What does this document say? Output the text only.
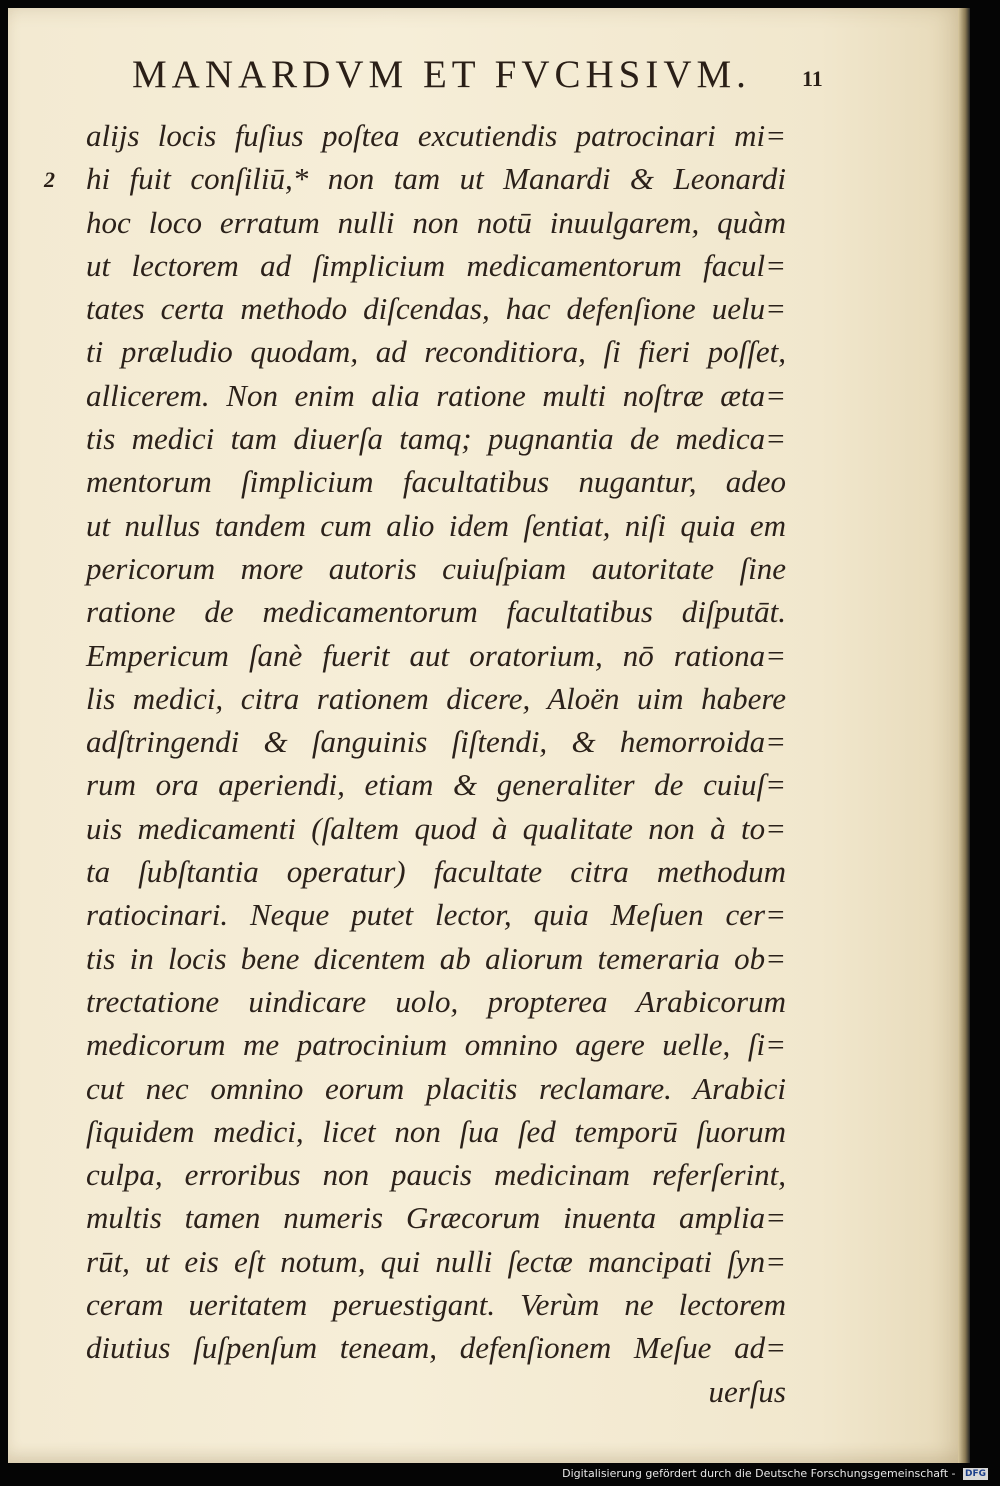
MANARDVM ET FVCHSIVM. 11
2
alijs locis fuſius poſtea excutiendis patrocinari mi=
hi fuit conſiliū,* non tam ut Manardi & Leonardi
hoc loco erratum nulli non notū inuulgarem, quàm
ut lectorem ad ſimplicium medicamentorum facul=
tates certa methodo diſcendas, hac defenſione uelu=
ti præludio quodam, ad reconditiora, ſi fieri poſſet,
allicerem. Non enim alia ratione multi noſtræ æta=
tis medici tam diuerſa tamq; pugnantia de medica=
mentorum ſimplicium facultatibus nugantur, adeo
ut nullus tandem cum alio idem ſentiat, niſi quia em
pericorum more autoris cuiuſpiam autoritate ſine
ratione de medicamentorum facultatibus diſputāt.
Empericum ſanè fuerit aut oratorium, nō rationa=
lis medici, citra rationem dicere, Aloën uim habere
adſtringendi & ſanguinis ſiſtendi, & hemorroida=
rum ora aperiendi, etiam & generaliter de cuiuſ=
uis medicamenti (ſaltem quod à qualitate non à to=
ta ſubſtantia operatur) facultate citra methodum
ratiocinari. Neque putet lector, quia Meſuen cer=
tis in locis bene dicentem ab aliorum temeraria ob=
trectatione uindicare uolo, propterea Arabicorum
medicorum me patrocinium omnino agere uelle, ſi=
cut nec omnino eorum placitis reclamare. Arabici
ſiquidem medici, licet non ſua ſed temporū ſuorum
culpa, erroribus non paucis medicinam referſerint,
multis tamen numeris Græcorum inuenta amplia=
rūt, ut eis eſt notum, qui nulli ſectæ mancipati ſyn=
ceram ueritatem peruestigant. Verùm ne lectorem
diutius ſuſpenſum teneam, defenſionem Meſue ad=
uerſus
Digitalisierung gefördert durch die Deutsche Forschungsgemeinschaft - DFG
